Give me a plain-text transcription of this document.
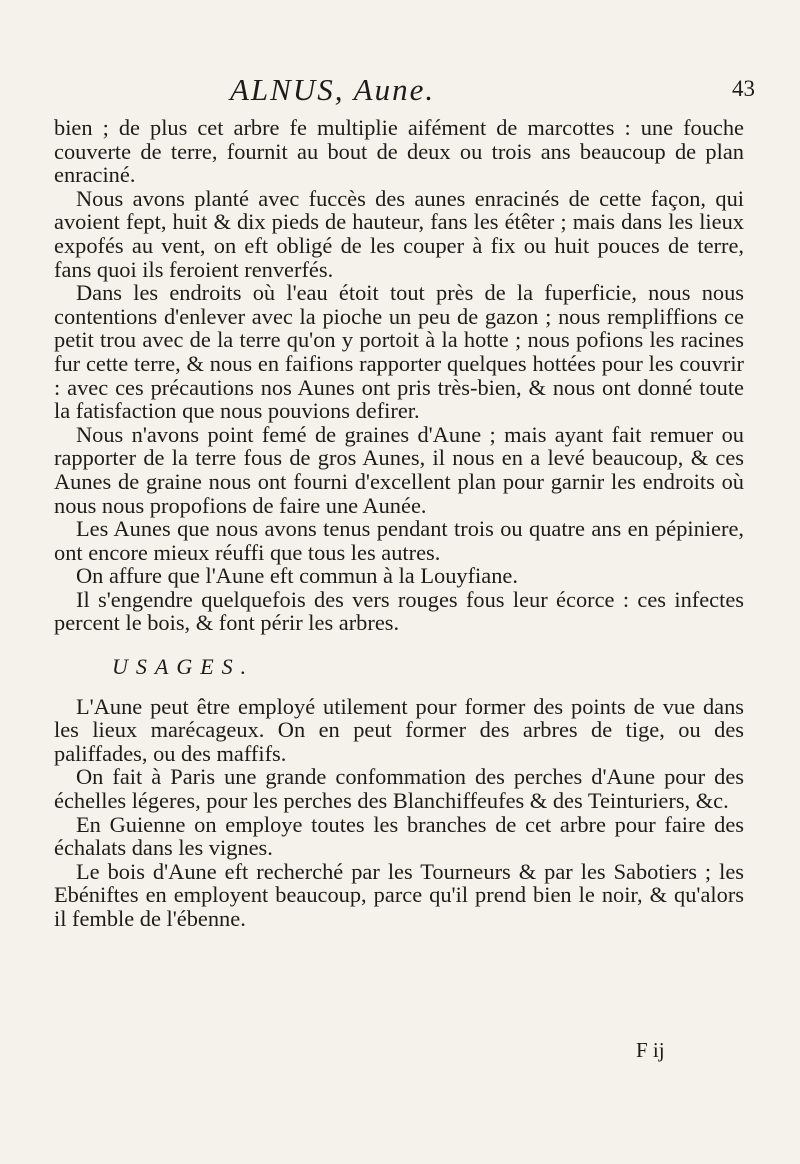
ALNUS, Aune.	43

bien ; de plus cet arbre fe multiplie aifément de marcottes : une fouche couverte de terre, fournit au bout de deux ou trois ans beaucoup de plan enraciné.

Nous avons planté avec fuccès des aunes enracinés de cette façon, qui avoient fept, huit & dix pieds de hauteur, fans les étêter ; mais dans les lieux expofés au vent, on eft obligé de les couper à fix ou huit pouces de terre, fans quoi ils feroient renverfés.

Dans les endroits où l'eau étoit tout près de la fuperficie, nous nous contentions d'enlever avec la pioche un peu de gazon ; nous rempliffions ce petit trou avec de la terre qu'on y portoit à la hotte ; nous pofions les racines fur cette terre, & nous en faifions rapporter quelques hottées pour les couvrir : avec ces précautions nos Aunes ont pris très-bien, & nous ont donné toute la fatisfaction que nous pouvions defirer.

Nous n'avons point femé de graines d'Aune ; mais ayant fait remuer ou rapporter de la terre fous de gros Aunes, il nous en a levé beaucoup, & ces Aunes de graine nous ont fourni d'excellent plan pour garnir les endroits où nous nous propofions de faire une Aunée.

Les Aunes que nous avons tenus pendant trois ou quatre ans en pépiniere, ont encore mieux réuffi que tous les autres.

On affure que l'Aune eft commun à la Louyfiane.

Il s'engendre quelquefois des vers rouges fous leur écorce : ces infectes percent le bois, & font périr les arbres.

USAGES.

L'Aune peut être employé utilement pour former des points de vue dans les lieux marécageux. On en peut former des arbres de tige, ou des paliffades, ou des maffifs.

On fait à Paris une grande confommation des perches d'Aune pour des échelles légeres, pour les perches des Blanchiffeufes & des Teinturiers, &c.

En Guienne on employe toutes les branches de cet arbre pour faire des échalats dans les vignes.

Le bois d'Aune eft recherché par les Tourneurs & par les Sabotiers ; les Ebéniftes en employent beaucoup, parce qu'il prend bien le noir, & qu'alors il femble de l'ébenne.

F ij
